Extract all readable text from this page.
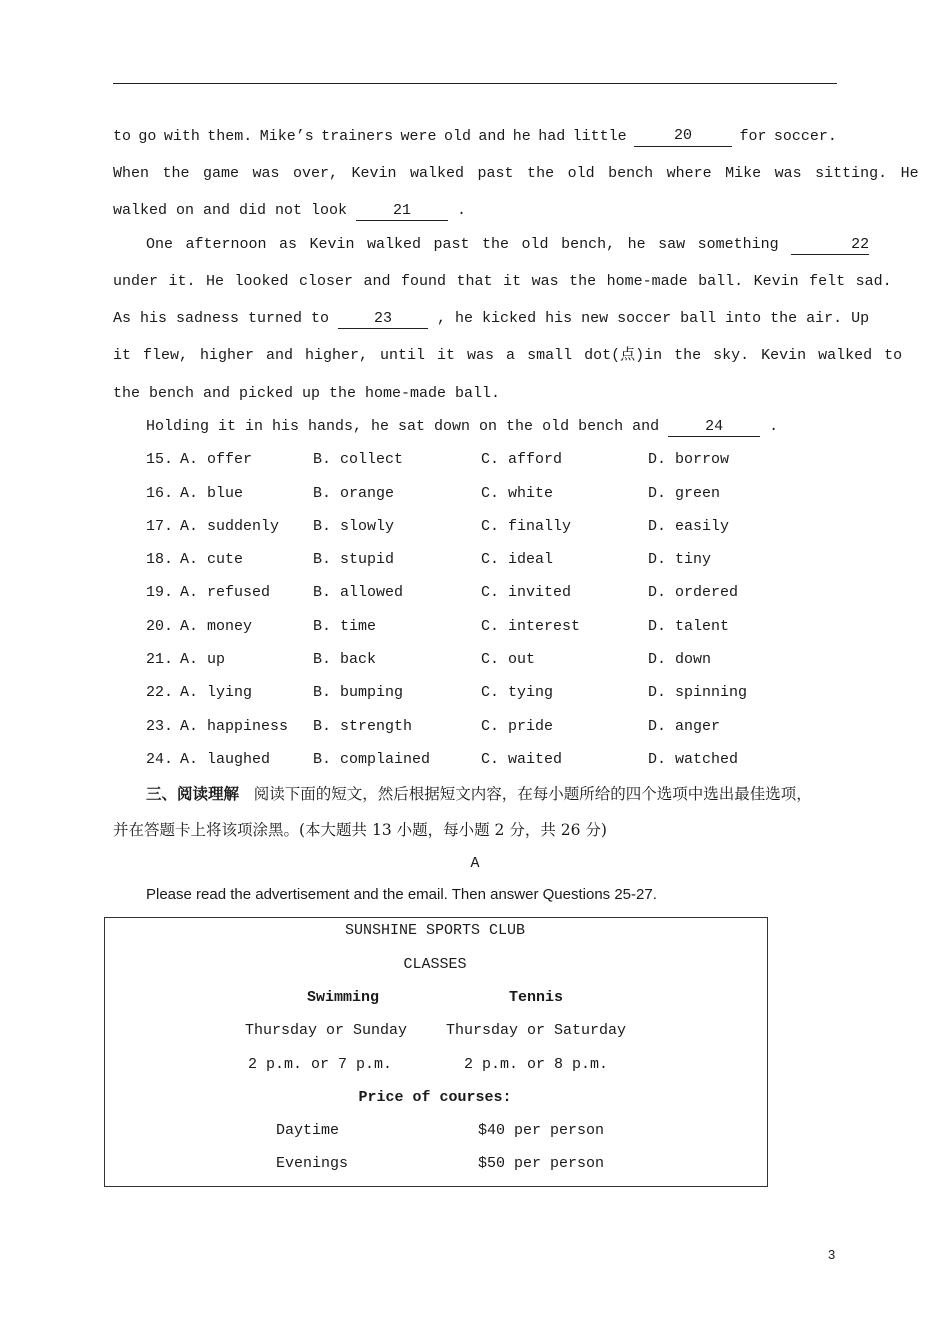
to go with them. Mike’s trainers were old and he had little	20	for soccer.
When the game was over, Kevin walked past the old bench where Mike was sitting. He
walked on and did not look 21 .
One afternoon as Kevin walked past the old bench, he saw something	22
under it. He looked closer and found that it was the home-made ball. Kevin felt sad.
As his sadness turned to 23 , he kicked his new soccer ball into the air. Up
it flew, higher and higher, until it was a small dot(点)in the sky. Kevin walked to
the bench and picked up the home-made ball.
Holding it in his hands, he sat down on the old bench and 24 .
15. A. offer	B. collect	C. afford	D. borrow
16. A. blue	B. orange	C. white	D. green
17. A. suddenly B. slowly	C. finally	D. easily
18. A. cute	B. stupid	C. ideal	D. tiny
19. A. refused	B. allowed	C. invited	D. ordered
20. A. money	B. time	C. interest	D. talent
21. A. up	B. back	C. out	D. down
22. A. lying	B. bumping	C. tying	D. spinning
23. A. happiness B. strength	C. pride	D. anger
24. A. laughed	B. complained	C. waited	D. watched
三、阅读理解 阅读下面的短文，然后根据短文内容，在每小题所给的四个选项中选出最佳选项，
并在答题卡上将该项涂黑。(本大题共 13 小题，每小题 2 分，共 26 分)
A
Please read the advertisement and the email. Then answer Questions 25-27.
SUNSHINE SPORTS CLUB
CLASSES
Swimming	Tennis
Thursday or Sunday	Thursday or Saturday
2 p.m. or 7 p.m.	2 p.m. or 8 p.m.
Price of courses:
Daytime	$40 per person
Evenings	$50 per person
3
